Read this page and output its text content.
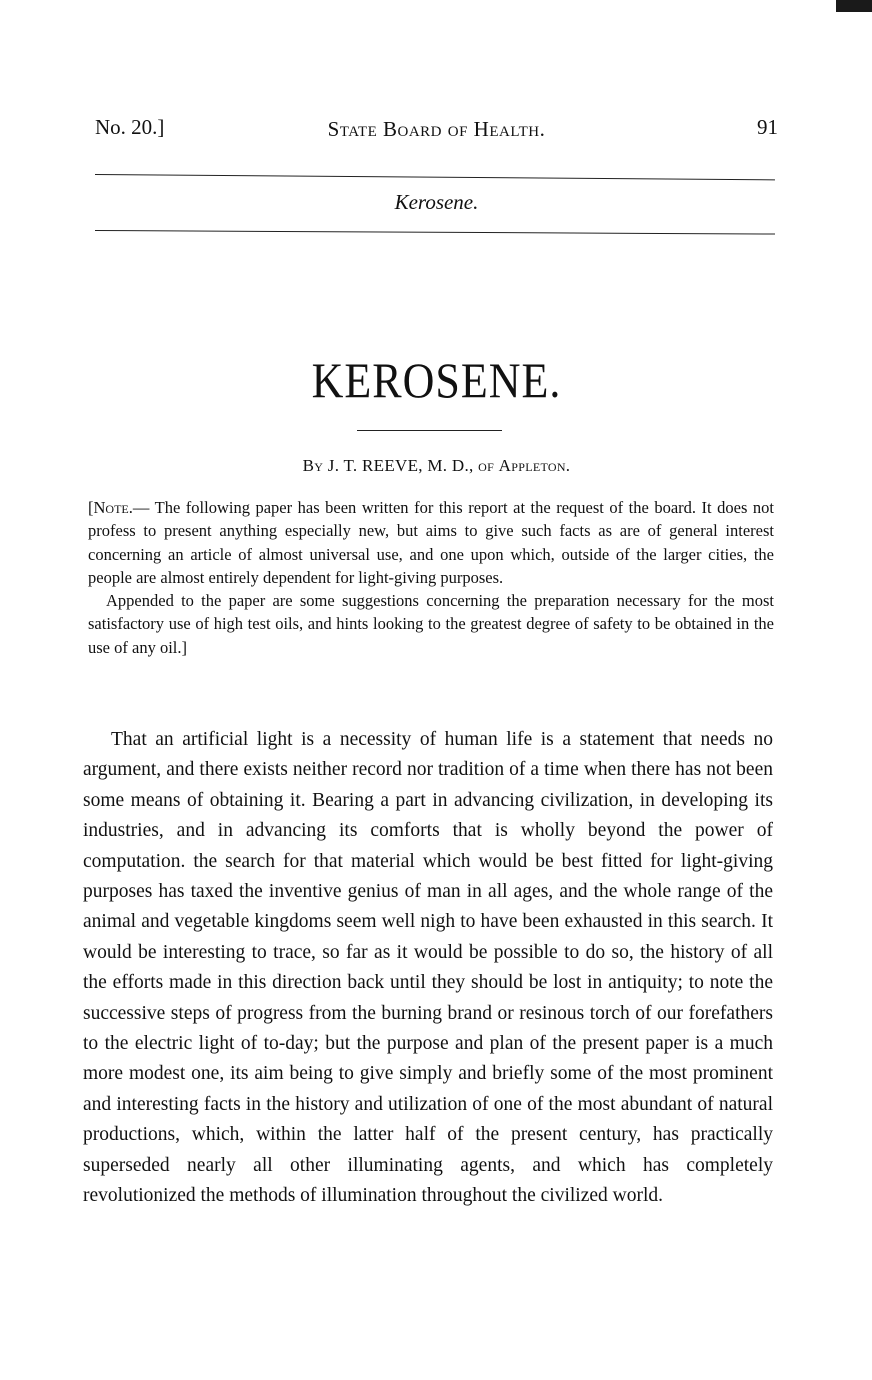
No. 20.]	State Board of Health.	91
Kerosene.
KEROSENE.
By J. T. REEVE, M. D., of Appleton.

[Note.— The following paper has been written for this report at the request of the board. It does not profess to present anything especially new, but aims to give such facts as are of general interest concerning an article of almost universal use, and one upon which, outside of the larger cities, the people are almost entirely dependent for light-giving purposes.

Appended to the paper are some suggestions concerning the preparation necessary for the most satisfactory use of high test oils, and hints looking to the greatest degree of safety to be obtained in the use of any oil.]

That an artificial light is a necessity of human life is a statement that needs no argument, and there exists neither record nor tradition of a time when there has not been some means of obtaining it. Bearing a part in advancing civilization, in developing its industries, and in advancing its comforts that is wholly beyond the power of computation. the search for that material which would be best fitted for light-giving purposes has taxed the inventive genius of man in all ages, and the whole range of the animal and vegetable kingdoms seem well nigh to have been exhausted in this search. It would be interesting to trace, so far as it would be possible to do so, the history of all the efforts made in this direction back until they should be lost in antiquity; to note the successive steps of progress from the burning brand or resinous torch of our forefathers to the electric light of to-day; but the purpose and plan of the present paper is a much more modest one, its aim being to give simply and briefly some of the most prominent and interesting facts in the history and utilization of one of the most abundant of natural productions, which, within the latter half of the present century, has practically superseded nearly all other illuminating agents, and which has completely revolutionized the methods of illumination throughout the civilized world.
